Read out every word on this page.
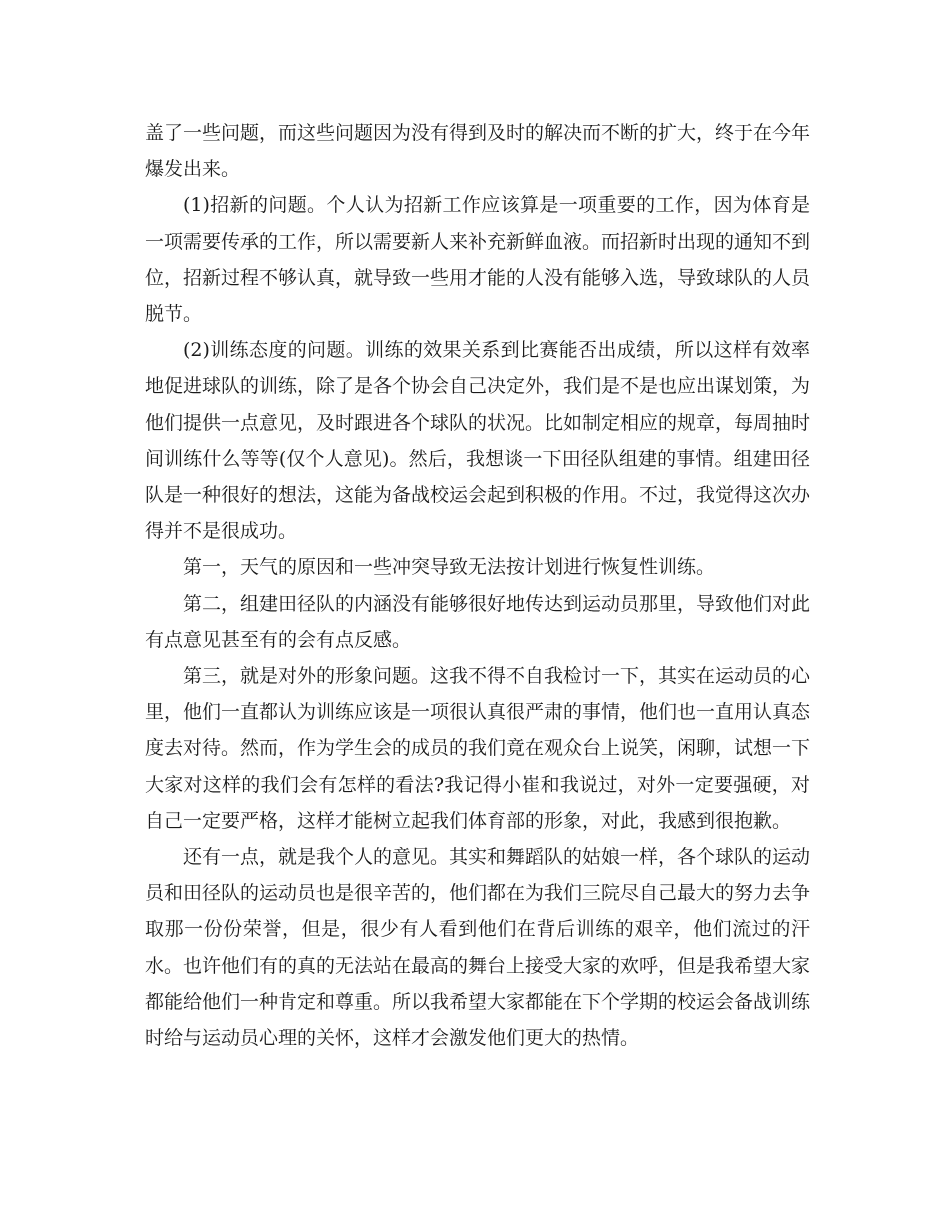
盖了一些问题，而这些问题因为没有得到及时的解决而不断的扩大，终于在今年爆发出来。

(1)招新的问题。个人认为招新工作应该算是一项重要的工作，因为体育是一项需要传承的工作，所以需要新人来补充新鲜血液。而招新时出现的通知不到位，招新过程不够认真，就导致一些用才能的人没有能够入选，导致球队的人员脱节。

(2)训练态度的问题。训练的效果关系到比赛能否出成绩，所以这样有效率地促进球队的训练，除了是各个协会自己决定外，我们是不是也应出谋划策，为他们提供一点意见，及时跟进各个球队的状况。比如制定相应的规章，每周抽时间训练什么等等(仅个人意见)。然后，我想谈一下田径队组建的事情。组建田径队是一种很好的想法，这能为备战校运会起到积极的作用。不过，我觉得这次办得并不是很成功。

第一，天气的原因和一些冲突导致无法按计划进行恢复性训练。

第二，组建田径队的内涵没有能够很好地传达到运动员那里，导致他们对此有点意见甚至有的会有点反感。

第三，就是对外的形象问题。这我不得不自我检讨一下，其实在运动员的心里，他们一直都认为训练应该是一项很认真很严肃的事情，他们也一直用认真态度去对待。然而，作为学生会的成员的我们竟在观众台上说笑，闲聊，试想一下大家对这样的我们会有怎样的看法?我记得小崔和我说过，对外一定要强硬，对自己一定要严格，这样才能树立起我们体育部的形象，对此，我感到很抱歉。

还有一点，就是我个人的意见。其实和舞蹈队的姑娘一样，各个球队的运动员和田径队的运动员也是很辛苦的，他们都在为我们三院尽自己最大的努力去争取那一份份荣誉，但是，很少有人看到他们在背后训练的艰辛，他们流过的汗水。也许他们有的真的无法站在最高的舞台上接受大家的欢呼，但是我希望大家都能给他们一种肯定和尊重。所以我希望大家都能在下个学期的校运会备战训练时给与运动员心理的关怀，这样才会激发他们更大的热情。
